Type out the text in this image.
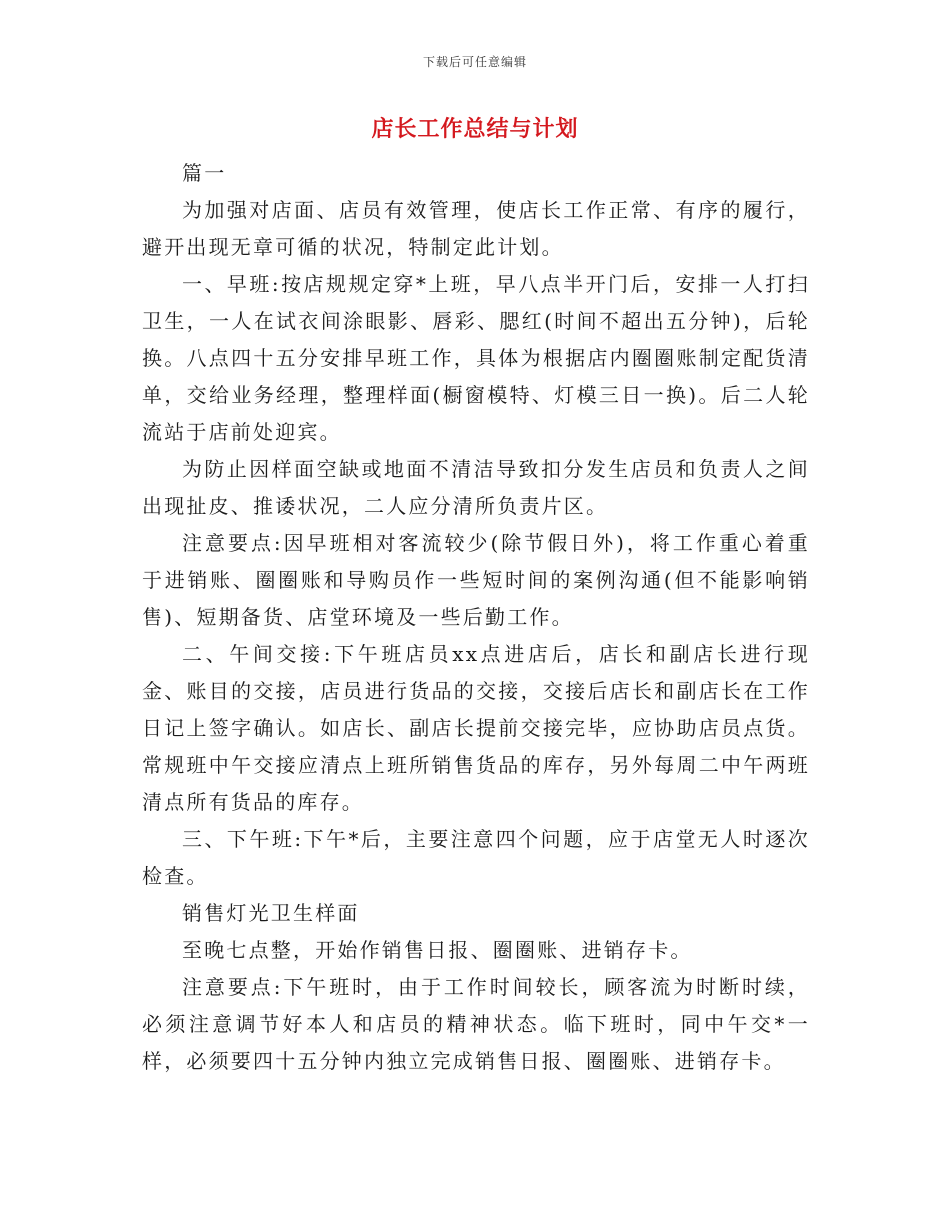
下载后可任意编辑
店长工作总结与计划

篇一

为加强对店面、店员有效管理，使店长工作正常、有序的履行，避开出现无章可循的状况，特制定此计划。

一、早班:按店规规定穿*上班，早八点半开门后，安排一人打扫卫生，一人在试衣间涂眼影、唇彩、腮红(时间不超出五分钟)，后轮换。八点四十五分安排早班工作，具体为根据店内圈圈账制定配货清单，交给业务经理，整理样面(橱窗模特、灯模三日一换)。后二人轮流站于店前处迎宾。

为防止因样面空缺或地面不清洁导致扣分发生店员和负责人之间出现扯皮、推诿状况，二人应分清所负责片区。

注意要点:因早班相对客流较少(除节假日外)，将工作重心着重于进销账、圈圈账和导购员作一些短时间的案例沟通(但不能影响销售)、短期备货、店堂环境及一些后勤工作。

二、午间交接:下午班店员xx点进店后，店长和副店长进行现金、账目的交接，店员进行货品的交接，交接后店长和副店长在工作日记上签字确认。如店长、副店长提前交接完毕，应协助店员点货。常规班中午交接应清点上班所销售货品的库存，另外每周二中午两班清点所有货品的库存。

三、下午班:下午*后，主要注意四个问题，应于店堂无人时逐次检查。

销售灯光卫生样面

至晚七点整，开始作销售日报、圈圈账、进销存卡。

注意要点:下午班时，由于工作时间较长，顾客流为时断时续，必须注意调节好本人和店员的精神状态。临下班时，同中午交*一样，必须要四十五分钟内独立完成销售日报、圈圈账、进销存卡。
